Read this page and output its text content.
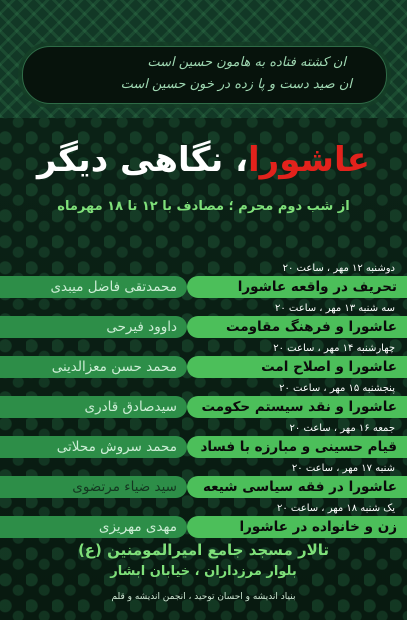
ان كشته فتاده به هامون حسين است
ان صيد دست و پا زده در خون حسين است
عاشورا، نگاهی دیگر
از شب دوم محرم ؛ مصادف با ۱۲ تا ۱۸ مهرماه
دوشنبه ۱۲ مهر ، ساعت ۲۰
تحریف در واقعه عاشورا
محمدتقی فاضل میبدی
سه شنبه ۱۳ مهر ، ساعت ۲۰
عاشورا و فرهنگ مقاومت
داوود فیرحی
چهارشنبه ۱۴ مهر ، ساعت ۲۰
عاشورا و اصلاح امت
محمد حسن معزالدینی
پنجشنبه ۱۵ مهر ، ساعت ۲۰
عاشورا و نقد سیستم حکومت
سیدصادق قادری
جمعه ۱۶ مهر ، ساعت ۲۰
قیام حسینی و مبارزه با فساد
محمد سروش محلاتی
شنبه ۱۷ مهر ، ساعت ۲۰
عاشورا در فقه سیاسی شیعه
سید ضیاء مرتضوی
یک شنبه ۱۸ مهر ، ساعت ۲۰
زن و خانواده در عاشورا
مهدی مهریزی
تالار مسجد جامع امیرالمومنین (ع)
بلوار مرزداران ، خیابان ابشار
بنیاد اندیشه و احسان توحید ، انجمن اندیشه و قلم
